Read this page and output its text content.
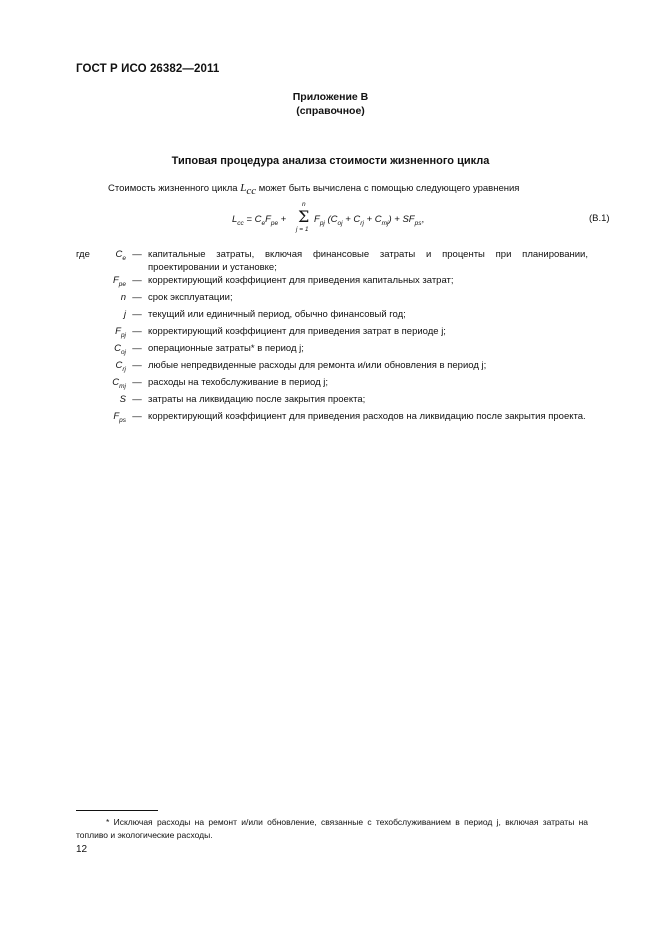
ГОСТ Р ИСО 26382—2011
Приложение B
(справочное)
Типовая процедура анализа стоимости жизненного цикла
Стоимость жизненного цикла $L_{cc}$ может быть вычислена с помощью следующего уравнения
$L_{cc} = C_eF_{pe}$ +
n
Σ
j = 1
$F_{pj}$ $(C_{oj} + C_{rj} + C_{mj}) + SF_{ps}$,	(B.1)
где	$C_e$ — капитальные затраты, включая финансовые затраты и проценты при планировании, проектировании и установке;
$F_{pe}$ — корректирующий коэффициент для приведения капитальных затрат;
n — срок эксплуатации;
j — текущий или единичный период, обычно финансовый год;
$F_{pj}$ — корректирующий коэффициент для приведения затрат в периоде j;
$C_{oj}$ — операционные затраты* в период j;
$C_{rj}$ — любые непредвиденные расходы для ремонта и/или обновления в период j;
$C_{mj}$ — расходы на техобслуживание в период j;
S — затраты на ликвидацию после закрытия проекта;
$F_{ps}$ — корректирующий коэффициент для приведения расходов на ликвидацию после закрытия проекта.
* Исключая расходы на ремонт и/или обновление, связанные с техобслуживанием в период j, включая затраты на топливо и экологические расходы.
12
